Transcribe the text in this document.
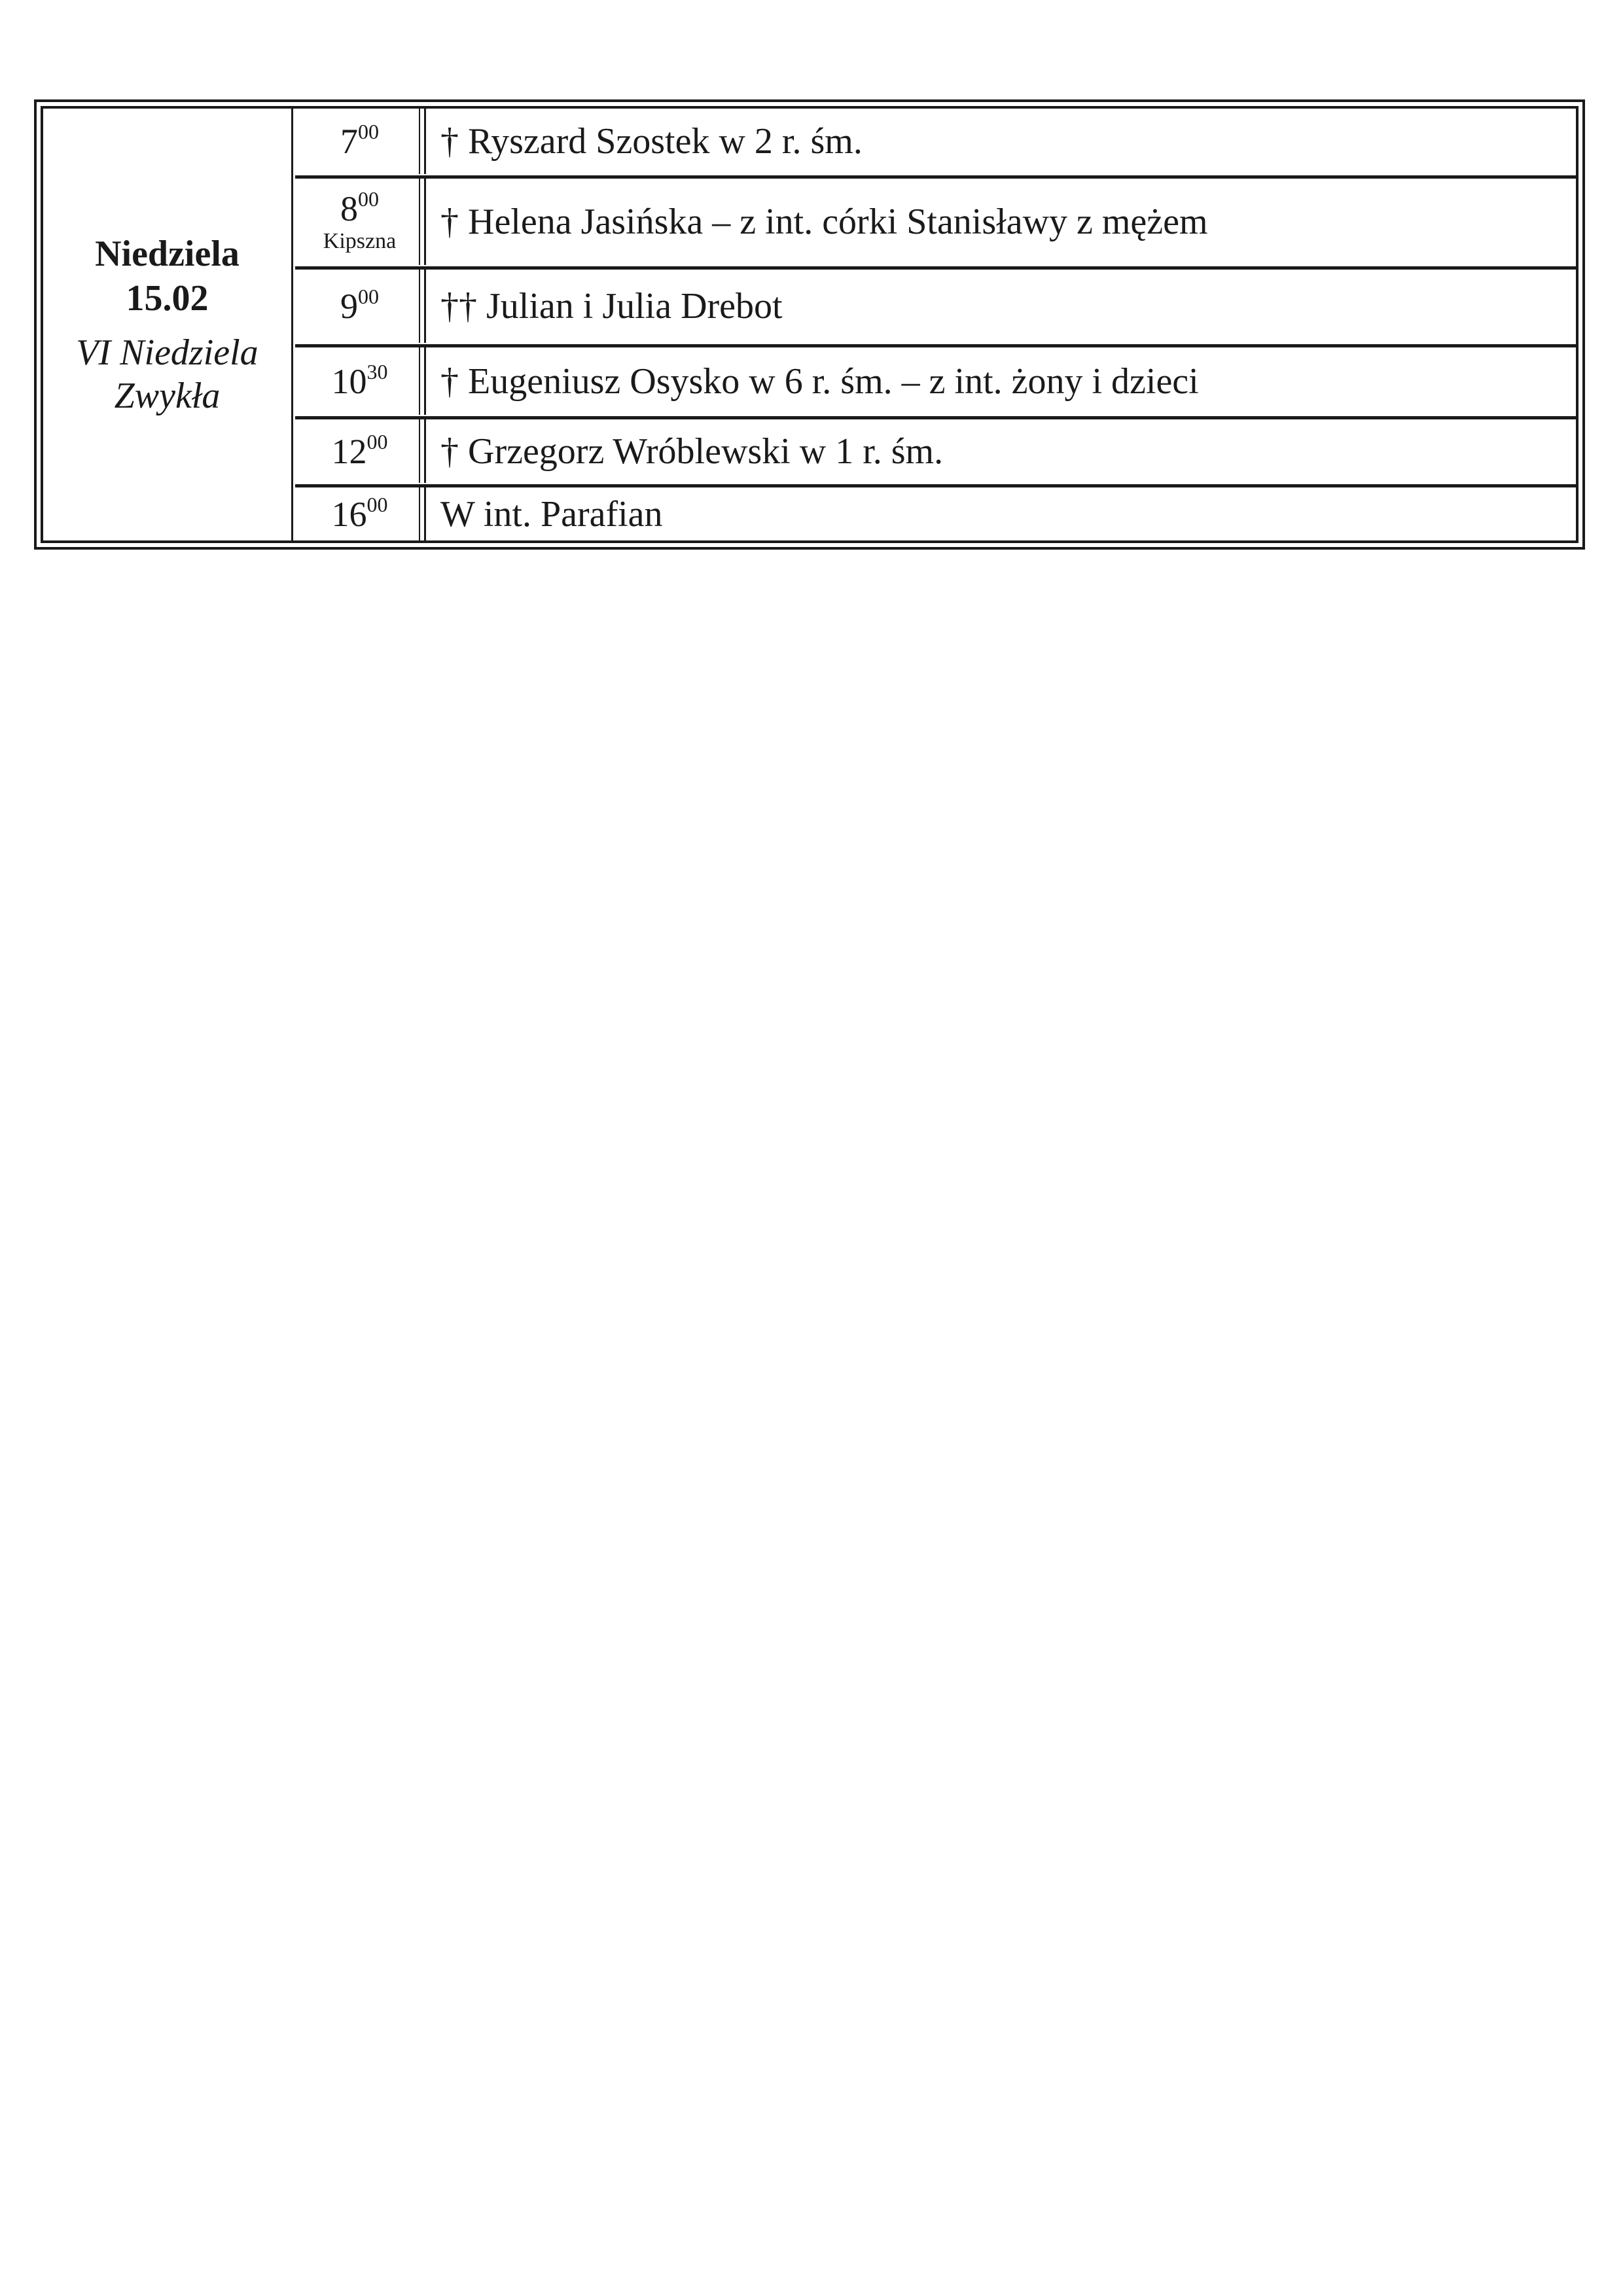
Niedziela
15.02
VI Niedziela
Zwykła
$7^{00}$	† Ryszard Szostek w 2 r. śm.
$8^{00}$
Kipszna	† Helena Jasińska – z int. córki Stanisławy z mężem
$9^{00}$	†† Julian i Julia Drebot
$10^{30}$	† Eugeniusz Osysko w 6 r. śm. – z int. żony i dzieci
$12^{00}$	† Grzegorz Wróblewski w 1 r. śm.
$16^{00}$	W int. Parafian
